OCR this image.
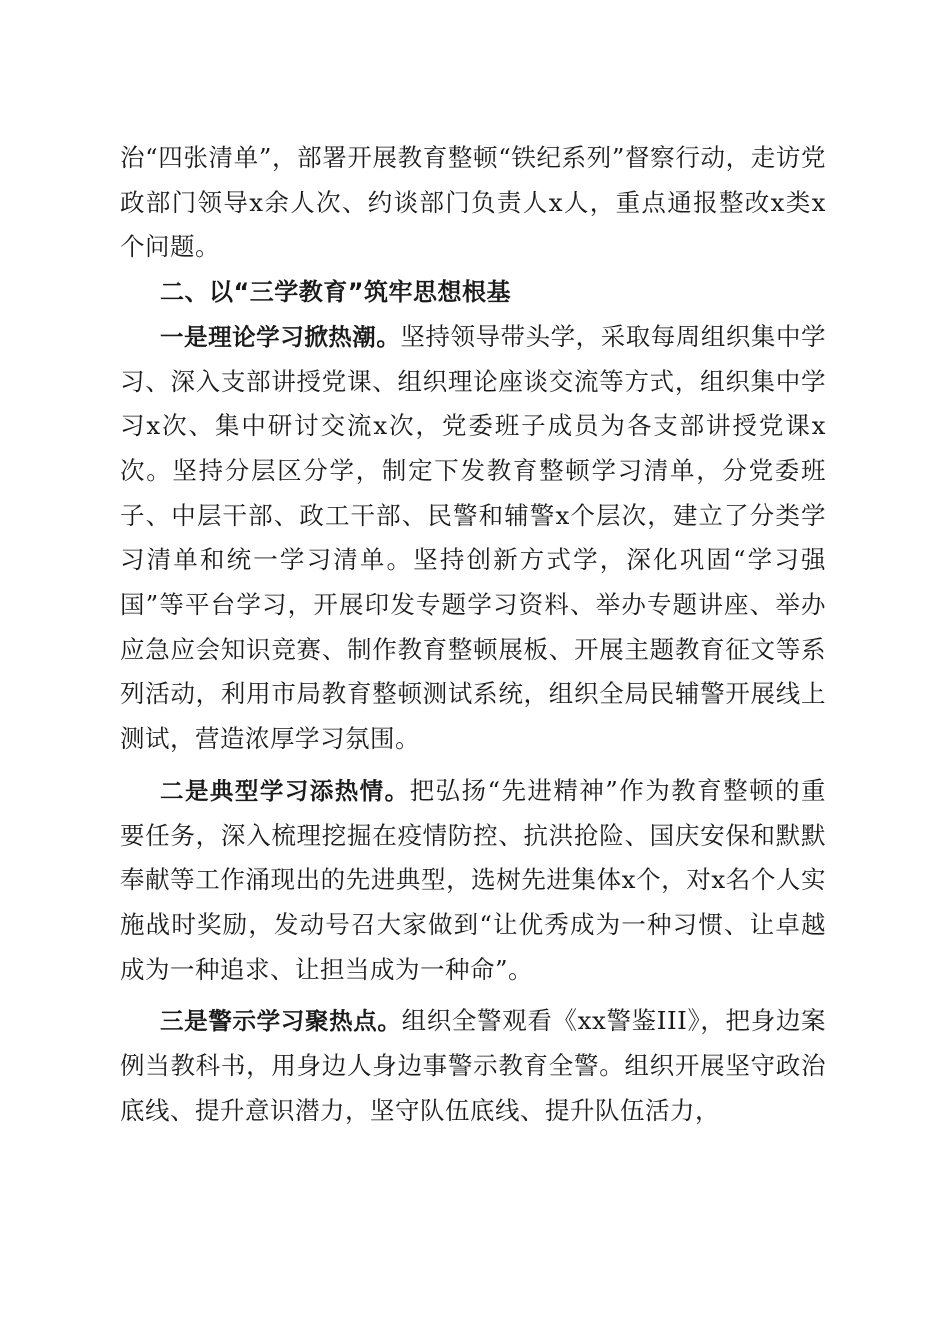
治“四张清单”，部署开展教育整顿“铁纪系列”督察行动，走访党政部门领导x余人次、约谈部门负责人x人，重点通报整改x类x个问题。

二、以“三学教育”筑牢思想根基

一是理论学习掀热潮。坚持领导带头学，采取每周组织集中学习、深入支部讲授党课、组织理论座谈交流等方式，组织集中学习x次、集中研讨交流x次，党委班子成员为各支部讲授党课x次。坚持分层区分学，制定下发教育整顿学习清单，分党委班子、中层干部、政工干部、民警和辅警x个层次，建立了分类学习清单和统一学习清单。坚持创新方式学，深化巩固“学习强国”等平台学习，开展印发专题学习资料、举办专题讲座、举办应急应会知识竞赛、制作教育整顿展板、开展主题教育征文等系列活动，利用市局教育整顿测试系统，组织全局民辅警开展线上测试，营造浓厚学习氛围。

二是典型学习添热情。把弘扬“先进精神”作为教育整顿的重要任务，深入梳理挖掘在疫情防控、抗洪抢险、国庆安保和默默奉献等工作涌现出的先进典型，选树先进集体x个，对x名个人实施战时奖励，发动号召大家做到“让优秀成为一种习惯、让卓越成为一种追求、让担当成为一种命”。

三是警示学习聚热点。组织全警观看《xx警鉴III》，把身边案例当教科书，用身边人身边事警示教育全警。组织开展坚守政治底线、提升意识潜力，坚守队伍底线、提升队伍活力，
